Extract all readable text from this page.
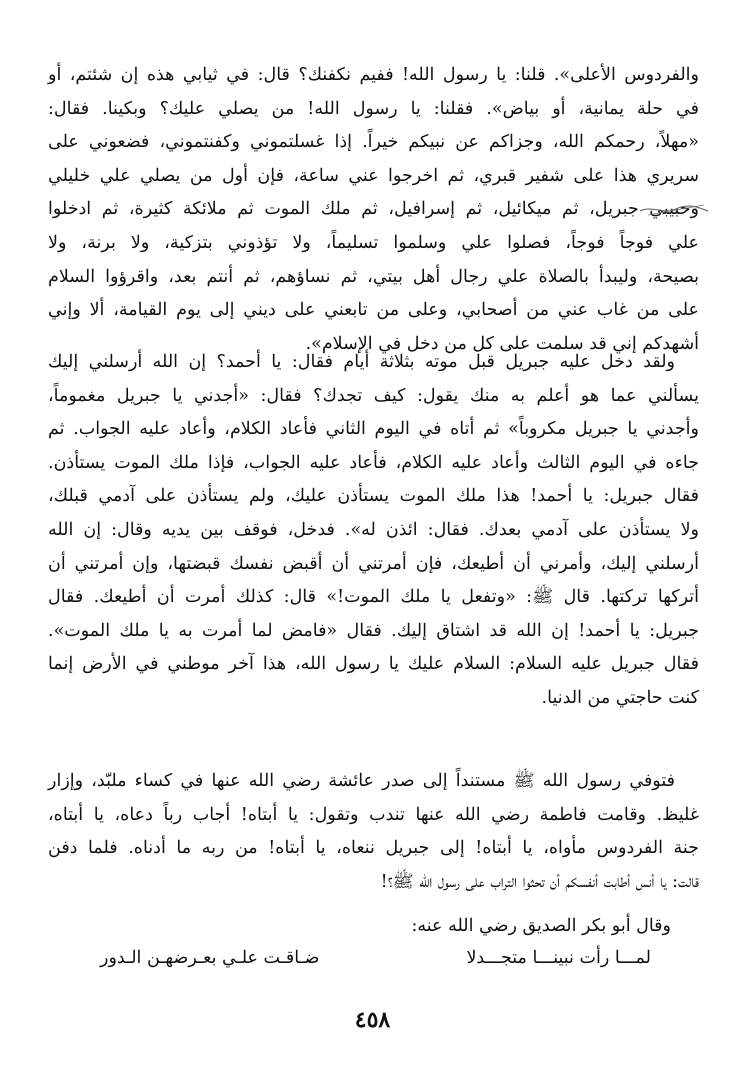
والفردوس الأعلى». قلنا: يا رسول الله! ففيم نكفنك؟ قال: في ثيابي هذه إن شئتم، أو
في حلة يمانية، أو بياض». فقلنا: يا رسول الله! من يصلي عليك؟ وبكينا. فقال:
«مهلاً، رحمكم الله، وجزاكم عن نبيكم خيراً. إذا غسلتموني وكفنتموني، فضعوني على
سريري هذا على شفير قبري، ثم اخرجوا عني ساعة، فإن أول من يصلي علي خليلي
وحبيبي جبريل، ثم ميكائيل، ثم إسرافيل، ثم ملك الموت ثم ملائكة كثيرة، ثم ادخلوا
علي فوجاً فوجاً، فصلوا علي وسلموا تسليماً، ولا تؤذوني بتزكية، ولا برنة، ولا
بصيحة، وليبدأ بالصلاة علي رجال أهل بيتي، ثم نساؤهم، ثم أنتم بعد، واقرؤوا السلام
على من غاب عني من أصحابي، وعلى من تابعني على ديني إلى يوم القيامة، ألا وإني
أشهدكم إني قد سلمت على كل من دخل في الإسلام».
ولقد دخل عليه جبريل قبل موته بثلاثة أيام فقال: يا أحمد؟ إن الله أرسلني إليك
يسألني عما هو أعلم به منك يقول: كيف تجدك؟ فقال: «أجدني يا جبريل مغموماً،
وأجدني يا جبريل مكروباً» ثم أتاه في اليوم الثاني فأعاد الكلام، وأعاد عليه الجواب. ثم
جاءه في اليوم الثالث وأعاد عليه الكلام، فأعاد عليه الجواب، فإذا ملك الموت يستأذن.
فقال جبريل: يا أحمد! هذا ملك الموت يستأذن عليك، ولم يستأذن على آدمي قبلك،
ولا يستأذن على آدمي بعدك. فقال: ائذن له». فدخل، فوقف بين يديه وقال: إن الله
أرسلني إليك، وأمرني أن أطيعك، فإن أمرتني أن أقبض نفسك قبضتها، وإن أمرتني أن
أتركها تركتها. قال ﷺ: «وتفعل يا ملك الموت!» قال: كذلك أمرت أن أطيعك. فقال
جبريل: يا أحمد! إن الله قد اشتاق إليك. فقال «فامض لما أمرت به يا ملك الموت».
فقال جبريل عليه السلام: السلام عليك يا رسول الله، هذا آخر موطني في الأرض إنما
كنت حاجتي من الدنيا.
فتوفي رسول الله ﷺ مستنداً إلى صدر عائشة رضي الله عنها في كساء ملبّد، وإزار
غليظ. وقامت فاطمة رضي الله عنها تندب وتقول: يا أبتاه! أجاب رباً دعاه، يا أبتاه،
جنة الفردوس مأواه، يا أبتاه! إلى جبريل ننعاه، يا أبتاه! من ربه ما أدناه. فلما دفن
قالت: يا أنس أطابت أنفسكم أن تحثوا التراب على رسول الله ﷺ؟!
وقال أبو بكر الصديق رضي الله عنه:
لمـــا رأت نبينـــا متجـــدلا
ضـاقـت علـي بعـرضهـن الـدور
٤٥٨
